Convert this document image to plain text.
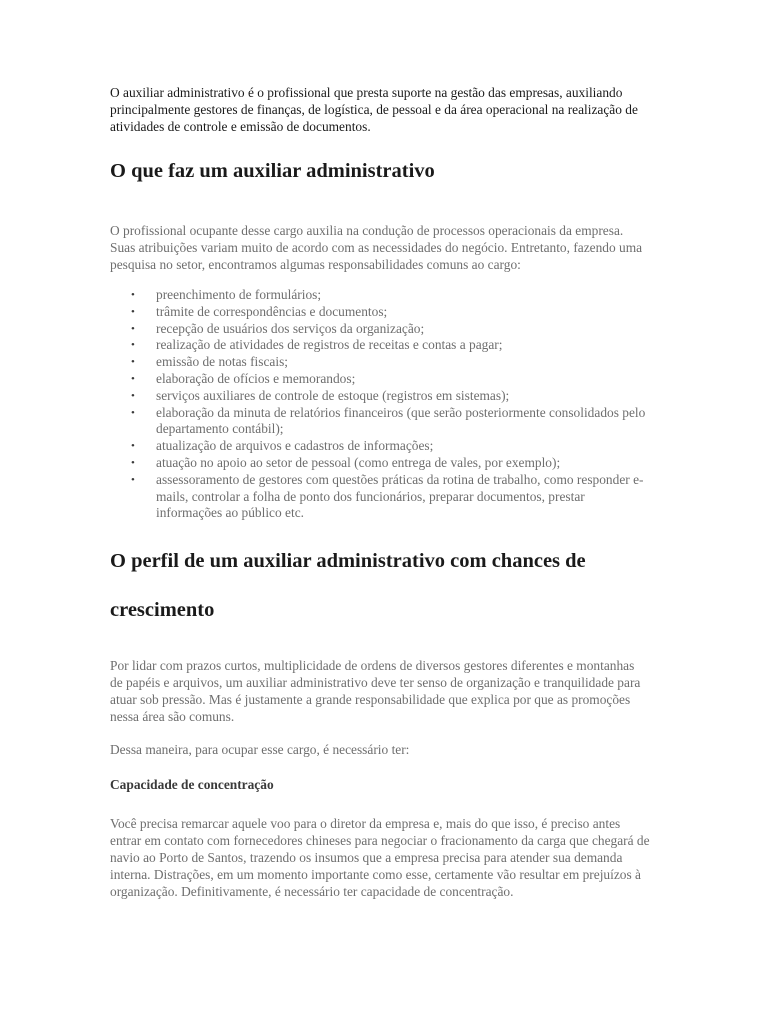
O auxiliar administrativo é o profissional que presta suporte na gestão das empresas, auxiliando principalmente gestores de finanças, de logística, de pessoal e da área operacional na realização de atividades de controle e emissão de documentos.

O que faz um auxiliar administrativo

O profissional ocupante desse cargo auxilia na condução de processos operacionais da empresa. Suas atribuições variam muito de acordo com as necessidades do negócio. Entretanto, fazendo uma pesquisa no setor, encontramos algumas responsabilidades comuns ao cargo:

• preenchimento de formulários;
• trâmite de correspondências e documentos;
• recepção de usuários dos serviços da organização;
• realização de atividades de registros de receitas e contas a pagar;
• emissão de notas fiscais;
• elaboração de ofícios e memorandos;
• serviços auxiliares de controle de estoque (registros em sistemas);
• elaboração da minuta de relatórios financeiros (que serão posteriormente consolidados pelo departamento contábil);
• atualização de arquivos e cadastros de informações;
• atuação no apoio ao setor de pessoal (como entrega de vales, por exemplo);
• assessoramento de gestores com questões práticas da rotina de trabalho, como responder e-mails, controlar a folha de ponto dos funcionários, preparar documentos, prestar informações ao público etc.
O perfil de um auxiliar administrativo com chances de crescimento

Por lidar com prazos curtos, multiplicidade de ordens de diversos gestores diferentes e montanhas de papéis e arquivos, um auxiliar administrativo deve ter senso de organização e tranquilidade para atuar sob pressão. Mas é justamente a grande responsabilidade que explica por que as promoções nessa área são comuns.

Dessa maneira, para ocupar esse cargo, é necessário ter:

Capacidade de concentração

Você precisa remarcar aquele voo para o diretor da empresa e, mais do que isso, é preciso antes entrar em contato com fornecedores chineses para negociar o fracionamento da carga que chegará de navio ao Porto de Santos, trazendo os insumos que a empresa precisa para atender sua demanda interna. Distrações, em um momento importante como esse, certamente vão resultar em prejuízos à organização. Definitivamente, é necessário ter capacidade de concentração.
